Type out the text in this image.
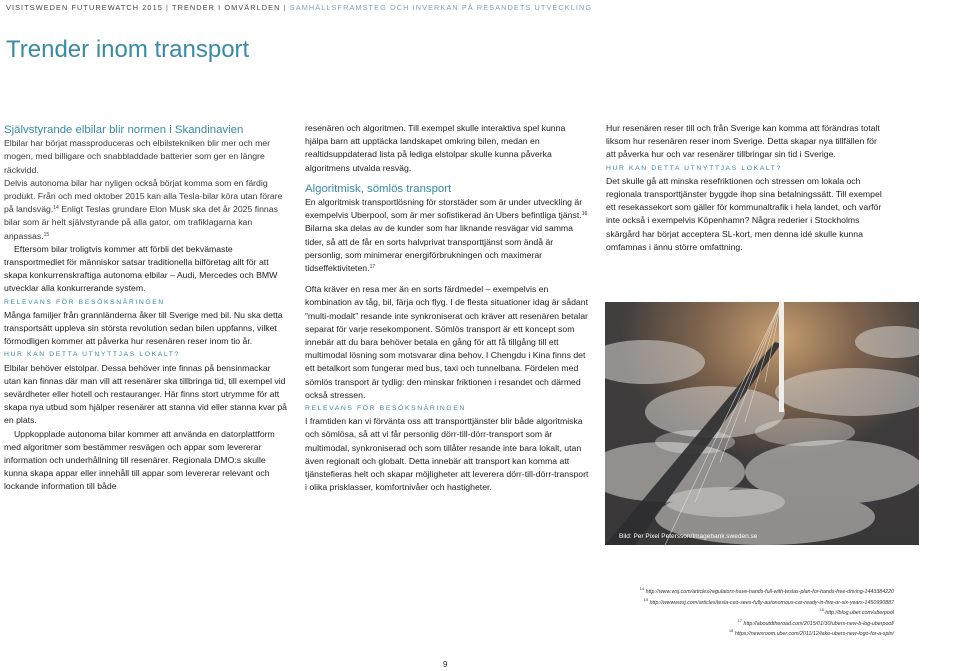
VISITSWEDEN FUTUREWATCH 2015 | TRENDER I OMVÄRLDEN | SAMHÄLLSFRAMSTEG OCH INVERKAN PÅ RESANDETS UTVECKLING
Trender inom transport

Självstyrande elbilar blir normen i Skandinavien

Elbilar har börjat massproduceras och elbilstekniken blir mer och mer mogen, med billigare och snabbladdade batterier som ger en längre räckvidd.

Delvis autonoma bilar har nyligen också börjat komma som en färdig produkt. Från och med oktober 2015 kan alla Tesla-bilar köra utan förare på landsväg.$^{14}$ Enligt Teslas grundare Elon Musk ska det år 2025 finnas bilar som är helt självstyrande på alla gator, om trafiklagarna kan anpassas.$^{15}$

Eftersom bilar troligtvis kommer att förbli det bekvämaste transportmedlet för människor satsar traditionella bilföretag allt för att skapa konkurrenskraftiga autonoma elbilar – Audi, Mercedes och BMW utvecklar alla konkurrerande system.

RELEVANS FÖR BESÖKSNÄRINGEN

Många familjer från grannländerna åker till Sverige med bil. Nu ska detta transportsätt uppleva sin största revolution sedan bilen uppfanns, vilket förmodligen kommer att påverka hur resenären reser inom tio år.

HUR KAN DETTA UTNYTTJAS LOKALT?

Elbilar behöver elstolpar. Dessa behöver inte finnas på bensinmackar utan kan finnas där man vill att resenärer ska tillbringa tid, till exempel vid sevärdheter eller hotell och restauranger. Här finns stort utrymme för att skapa nya utbud som hjälper resenärer att stanna vid eller stanna kvar på en plats.

Uppkopplade autonoma bilar kommer att använda en datorplattform med algoritmer som bestämmer resvägen och appar som levererar information och underhållning till resenärer. Regionala DMO:s skulle kunna skapa appar eller innehåll till appar som levererar relevant och lockande information till både

resenären och algoritmen. Till exempel skulle interaktiva spel kunna hjälpa barn att upptäcka landskapet omkring bilen, medan en realtidsuppdaterad lista på lediga elstolpar skulle kunna påverka algoritmens utvalda resväg.

Algoritmisk, sömlös transport

En algoritmisk transportlösning för storstäder som är under utveckling är exempelvis Uberpool, som är mer sofistikerad än Ubers befintliga tjänst.$^{16}$ Bilarna ska delas av de kunder som har liknande resvägar vid samma tider, så att de får en sorts halvprivat transporttjänst som ändå är personlig, som minimerar energiförbrukningen och maximerar tidseffektiviteten.$^{17}$

Ofta kräver en resa mer än en sorts färdmedel – exempelvis en kombination av tåg, bil, färja och flyg. I de flesta situationer idag är sådant ”multi-modalt” resande inte synkroniserat och kräver att resenären betalar separat för varje resekomponent. Sömlös transport är ett koncept som innebär att du bara behöver betala en gång för att få tillgång till ett multimodal lösning som motsvarar dina behov. I Chengdu i Kina finns det ett betalkort som fungerar med bus, taxi och tunnelbana. Fördelen med sömlös transport är tydlig: den minskar friktionen i resandet och därmed också stressen.

RELEVANS FÖR BESÖKSNÄRINGEN

I framtiden kan vi förvänta oss att transporttjänster blir både algoritmiska och sömlösa, så att vi får personlig dörr-till-dörr-transport som är multimodal, synkroniserad och som tillåter resande inte bara lokalt, utan även regionalt och globalt. Detta innebär att transport kan komma att tjänstefieras helt och skapar möjligheter att leverera dörr-till-dörr-transport i olika prisklasser, komfortnivåer och hastigheter.

Hur resenären reser till och från Sverige kan komma att förändras totalt liksom hur resenären reser inom Sverige. Detta skapar nya tillfällen för att påverka hur och var resenärer tillbringar sin tid i Sverige.

HUR KAN DETTA UTNYTTJAS LOKALT?

Det skulle gå att minska resefriktionen och stressen om lokala och regionala transporttjänster byggde ihop sina betalningssätt. Till exempel ett resekassekort som gäller för kommunaltrafik i hela landet, och varför inte också i exempelvis Köpenhamn? Några rederier i Stockholms skärgård har börjat acceptera SL-kort, men denna idé skulle kunna omfamnas i ännu större omfattning.

Bild: Per Pixel Petersson/Imagebank.sweden.se
$^{14}$ http://www.wsj.com/articles/regulators-have-hands-full-with-teslas-plan-for-hands-free-driving-1443384220
$^{15}$ http://wwwwwsj.com/articles/tesla-ceo-sees-fully-autonomous-car-ready-in-five-or-six-years-1450990887
$^{16}$ http://blog.uber.com/uberpool
$^{17}$ http://aboutdtheroad.com/2015/01/30/ubers-new-b-log-uberpool/
$^{18}$ https://newsroom.uber.com/2011/12/take-ubers-new-logo-for-a-spin/
9
